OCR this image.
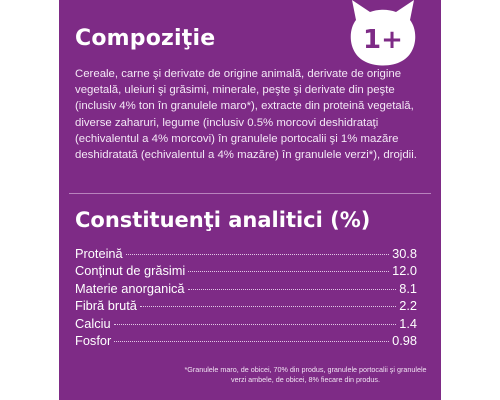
Compoziţie	1+

Cereale, carne şi derivate de origine animală, derivate de origine vegetală, uleiuri şi grăsimi, minerale, peşte şi derivate din peşte (inclusiv 4% ton în granulele maro*), extracte din proteină vegetală, diverse zaharuri, legume (inclusiv 0.5% morcovi deshidrataţi (echivalentul a 4% morcovi) în granulele portocalii şi 1% mazăre deshidratată (echivalentul a 4% mazăre) în granulele verzi*), drojdii.

Constituenţi analitici (%)
Proteină	30.8
Conţinut de grăsimi	12.0
Materie anorganică	8.1
Fibră brută	2.2
Calciu	1.4
Fosfor	0.98

*Granulele maro, de obicei, 70% din produs, granulele portocalii şi granulele verzi ambele, de obicei, 8% fiecare din produs.
